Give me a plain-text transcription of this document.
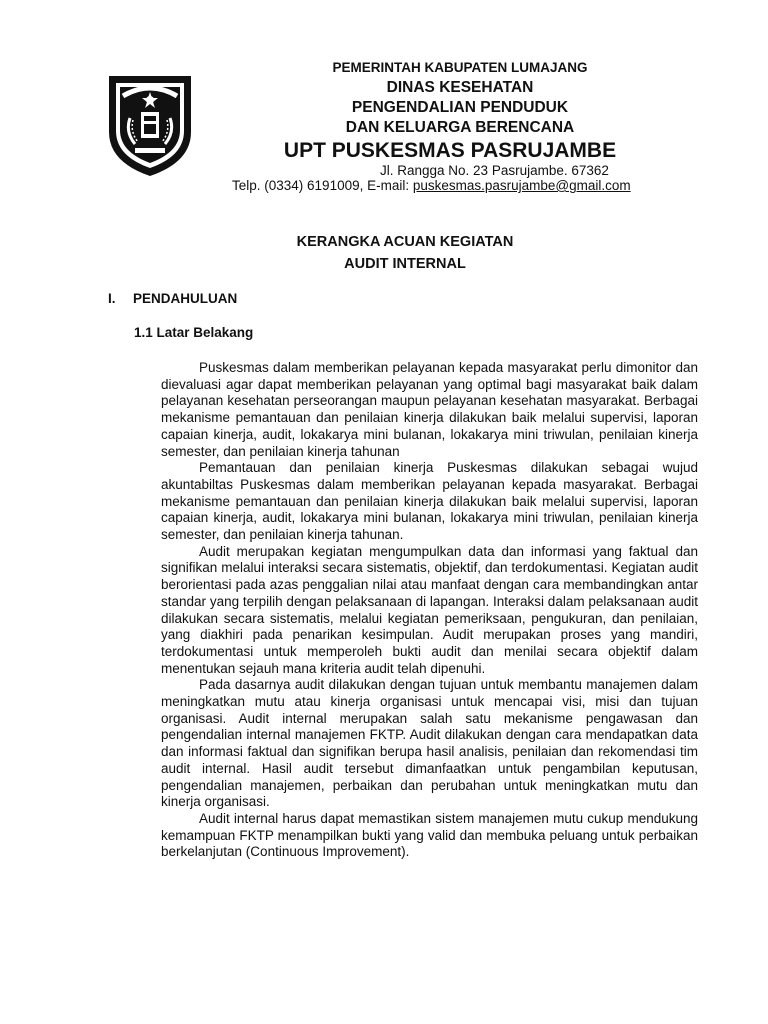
PEMERINTAH KABUPATEN LUMAJANG
DINAS KESEHATAN
PENGENDALIAN PENDUDUK
DAN KELUARGA BERENCANA
UPT PUSKESMAS PASRUJAMBE
Jl. Rangga No. 23 Pasrujambe. 67362
Telp. (0334) 6191009, E-mail: puskesmas.pasrujambe@gmail.com
KERANGKA ACUAN KEGIATAN
AUDIT INTERNAL
I. PENDAHULUAN
1.1 Latar Belakang

Puskesmas dalam memberikan pelayanan kepada masyarakat perlu dimonitor dan dievaluasi agar dapat memberikan pelayanan yang optimal bagi masyarakat baik dalam pelayanan kesehatan perseorangan maupun pelayanan kesehatan masyarakat. Berbagai mekanisme pemantauan dan penilaian kinerja dilakukan baik melalui supervisi, laporan capaian kinerja, audit, lokakarya mini bulanan, lokakarya mini triwulan, penilaian kinerja semester, dan penilaian kinerja tahunan

Pemantauan dan penilaian kinerja Puskesmas dilakukan sebagai wujud akuntabiltas Puskesmas dalam memberikan pelayanan kepada masyarakat. Berbagai mekanisme pemantauan dan penilaian kinerja dilakukan baik melalui supervisi, laporan capaian kinerja, audit, lokakarya mini bulanan, lokakarya mini triwulan, penilaian kinerja semester, dan penilaian kinerja tahunan.

Audit merupakan kegiatan mengumpulkan data dan informasi yang faktual dan signifikan melalui interaksi secara sistematis, objektif, dan terdokumentasi. Kegiatan audit berorientasi pada azas penggalian nilai atau manfaat dengan cara membandingkan antar standar yang terpilih dengan pelaksanaan di lapangan. Interaksi dalam pelaksanaan audit dilakukan secara sistematis, melalui kegiatan pemeriksaan, pengukuran, dan penilaian, yang diakhiri pada penarikan kesimpulan. Audit merupakan proses yang mandiri, terdokumentasi untuk memperoleh bukti audit dan menilai secara objektif dalam menentukan sejauh mana kriteria audit telah dipenuhi.

Pada dasarnya audit dilakukan dengan tujuan untuk membantu manajemen dalam meningkatkan mutu atau kinerja organisasi untuk mencapai visi, misi dan tujuan organisasi. Audit internal merupakan salah satu mekanisme pengawasan dan pengendalian internal manajemen FKTP. Audit dilakukan dengan cara mendapatkan data dan informasi faktual dan signifikan berupa hasil analisis, penilaian dan rekomendasi tim audit internal. Hasil audit tersebut dimanfaatkan untuk pengambilan keputusan, pengendalian manajemen, perbaikan dan perubahan untuk meningkatkan mutu dan kinerja organisasi.

Audit internal harus dapat memastikan sistem manajemen mutu cukup mendukung kemampuan FKTP menampilkan bukti yang valid dan membuka peluang untuk perbaikan berkelanjutan (Continuous Improvement).
